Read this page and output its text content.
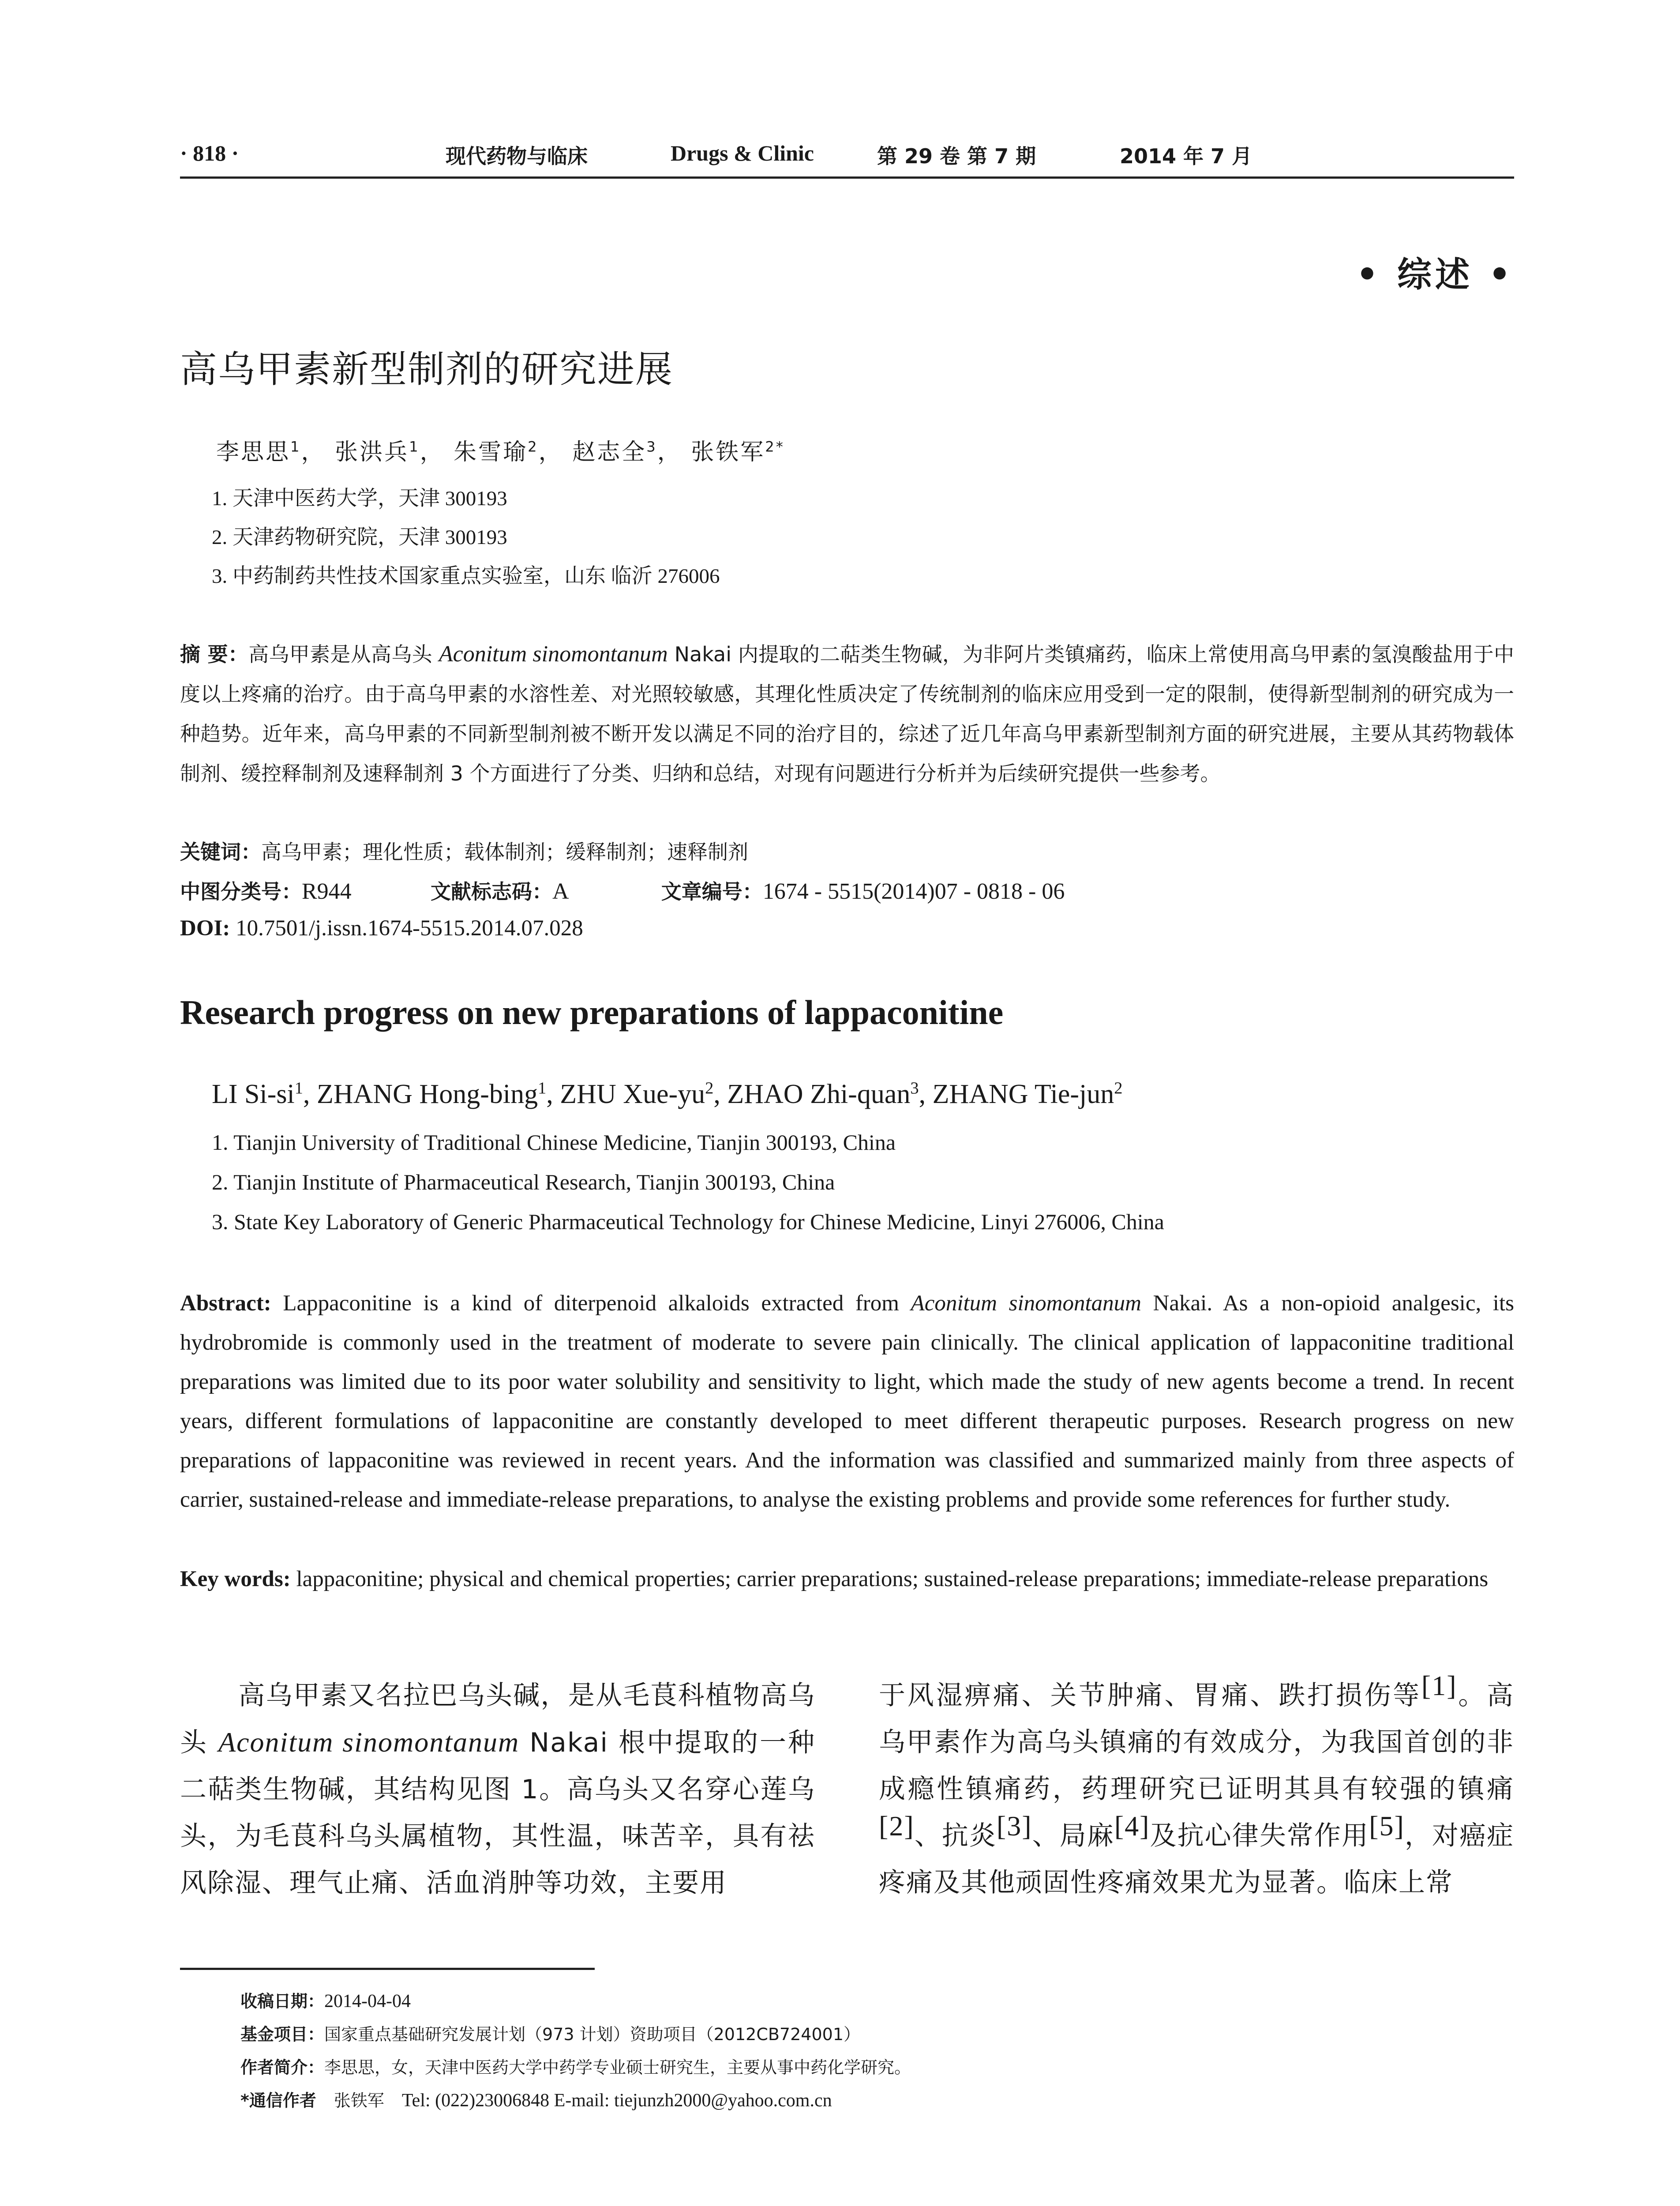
· 818 ·	现代药物与临床	Drugs & Clinic	第 29 卷 第 7 期	2014 年 7 月
• 综述 •
高乌甲素新型制剂的研究进展
李思思$^1$， 张洪兵$^1$， 朱雪瑜$^2$， 赵志全$^3$， 张铁军$^{2*}$
1. 天津中医药大学，天津 300193
2. 天津药物研究院，天津 300193
3. 中药制药共性技术国家重点实验室，山东 临沂 276006
摘 要：高乌甲素是从高乌头 Aconitum sinomontanum Nakai 内提取的二萜类生物碱，为非阿片类镇痛药，临床上常使用高乌甲素的氢溴酸盐用于中度以上疼痛的治疗。由于高乌甲素的水溶性差、对光照较敏感，其理化性质决定了传统制剂的临床应用受到一定的限制，使得新型制剂的研究成为一种趋势。近年来，高乌甲素的不同新型制剂被不断开发以满足不同的治疗目的，综述了近几年高乌甲素新型制剂方面的研究进展，主要从其药物载体制剂、缓控释制剂及速释制剂 3 个方面进行了分类、归纳和总结，对现有问题进行分析并为后续研究提供一些参考。
关键词：高乌甲素；理化性质；载体制剂；缓释制剂；速释制剂
中图分类号：R944	文献标志码：A	文章编号：1674 - 5515(2014)07 - 0818 - 06
DOI: 10.7501/j.issn.1674-5515.2014.07.028
Research progress on new preparations of lappaconitine
LI $Si-si^1$, ZHANG Hong-bing$^1$, ZHU Xue-$yu^2$, ZHAO Zhi-quan$^3$, ZHANG Tie-jun$^2$
1. Tianjin University of Traditional Chinese Medicine, Tianjin 300193, China
2. Tianjin Institute of Pharmaceutical Research, Tianjin 300193, China
3. State Key Laboratory of Generic Pharmaceutical Technology for Chinese Medicine, Linyi 276006, China
Abstract: Lappaconitine is a kind of diterpenoid alkaloids extracted from Aconitum sinomontanum Nakai. As a non-opioid analgesic, its hydrobromide is commonly used in the treatment of moderate to severe pain clinically. The clinical application of lappaconitine traditional preparations was limited due to its poor water solubility and sensitivity to light, which made the study of new agents become a trend. In recent years, different formulations of lappaconitine are constantly developed to meet different therapeutic purposes. Research progress on new preparations of lappaconitine was reviewed in recent years. And the information was classified and summarized mainly from three aspects of carrier, sustained-release and immediate-release preparations, to analyse the existing problems and provide some references for further study.
Key words: lappaconitine; physical and chemical properties; carrier preparations; sustained-release preparations; immediate-release preparations
高乌甲素又名拉巴乌头碱，是从毛茛科植物高乌头 Aconitum sinomontanum Nakai 根中提取的一种二萜类生物碱，其结构见图 1。高乌头又名穿心莲乌头，为毛茛科乌头属植物，其性温，味苦辛，具有祛风除湿、理气止痛、活血消肿等功效，主要用
于风湿痹痛、关节肿痛、胃痛、跌打损伤等[1]。高乌甲素作为高乌头镇痛的有效成分，为我国首创的非成瘾性镇痛药，药理研究已证明其具有较强的镇痛[2]、抗炎[3]、局麻[4]及抗心律失常作用[5]，对癌症疼痛及其他顽固性疼痛效果尤为显著。临床上常
收稿日期：2014-04-04
基金项目：国家重点基础研究发展计划（973 计划）资助项目（2012CB724001）
作者简介：李思思，女，天津中医药大学中药学专业硕士研究生，主要从事中药化学研究。
*通信作者 张铁军 Tel: (022)23006848 E-mail: tiejunzh2000@yahoo.com.cn
